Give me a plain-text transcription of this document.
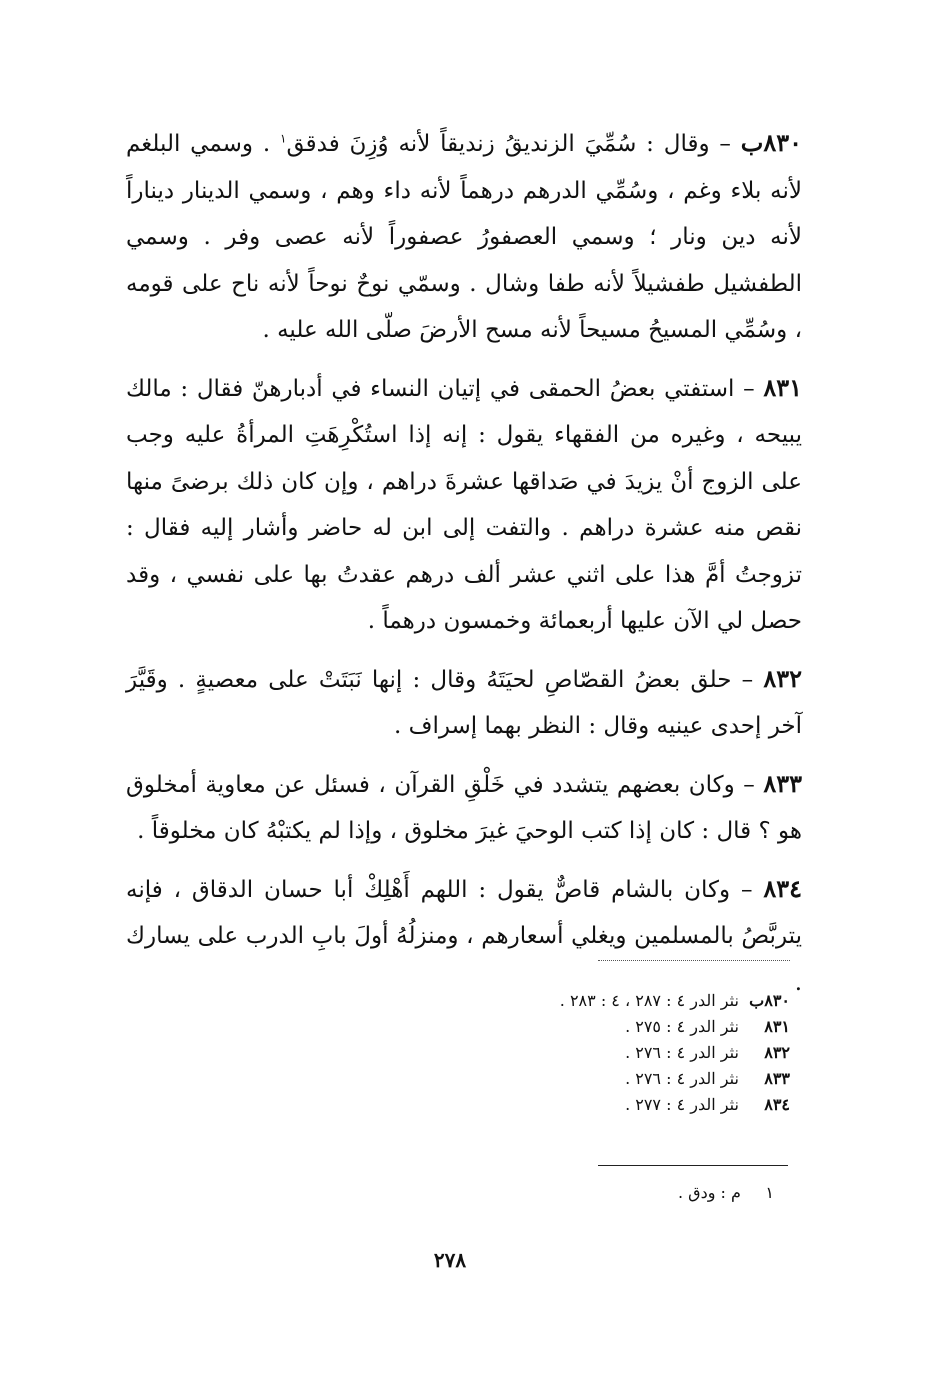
٨٣٠ب – وقال : سُمِّيَ الزنديقُ زنديقاً لأنه وُزِنَ فدقق$^١$ . وسمي البلغم لأنه بلاء وغم ، وسُمِّي الدرهم درهماً لأنه داء وهم ، وسمي الدينار ديناراً لأنه دين ونار ؛ وسمي العصفورُ عصفوراً لأنه عصى وفر . وسمي الطفشيل طفشيلاً لأنه طفا وشال . وسمّي نوحٌ نوحاً لأنه ناح على قومه ، وسُمِّي المسيحُ مسيحاً لأنه مسح الأرضَ صلّى الله عليه .

٨٣١ – استفتي بعضُ الحمقى في إتيان النساء في أدبارهنّ فقال : مالك يبيحه ، وغيره من الفقهاء يقول : إنه إذا استُكْرِهَتِ المرأةُ عليه وجب على الزوج أنْ يزيدَ في صَداقها عشرةَ دراهم ، وإن كان ذلك برضىً منها نقص منه عشرة دراهم . والتفت إلى ابن له حاضر وأشار إليه فقال : تزوجتُ أمَّ هذا على اثني عشر ألف درهم عقدتُ بها على نفسي ، وقد حصل لي الآن عليها أربعمائة وخمسون درهماً .

٨٣٢ – حلق بعضُ القصّاصِ لحيَتَهُ وقال : إنها نَبَتَتْ على معصيةٍ . وقَيَّرَ آخر إحدى عينيه وقال : النظر بهما إسراف .

٨٣٣ – وكان بعضهم يتشدد في خَلْقِ القرآن ، فسئل عن معاوية أمخلوق هو ؟ قال : كان إذا كتب الوحيَ غيرَ مخلوق ، وإذا لم يكتبْهُ كان مخلوقاً .

٨٣٤ – وكان بالشام قاصٌّ يقول : اللهم أَهْلِكْ أبا حسان الدقاق ، فإنه يتربَّصُ بالمسلمين ويغلي أسعارهم ، ومنزلُهُ أولَ بابِ الدرب على يسارك .

٨٣٠ب نثر الدر ٤ : ٢٨٧ ، ٤ : ٢٨٣ .
٨٣١ نثر الدر ٤ : ٢٧٥ .
٨٣٢ نثر الدر ٤ : ٢٧٦ .
٨٣٣ نثر الدر ٤ : ٢٧٦ .
٨٣٤ نثر الدر ٤ : ٢٧٧ .
١ م : ودق .
٢٧٨
